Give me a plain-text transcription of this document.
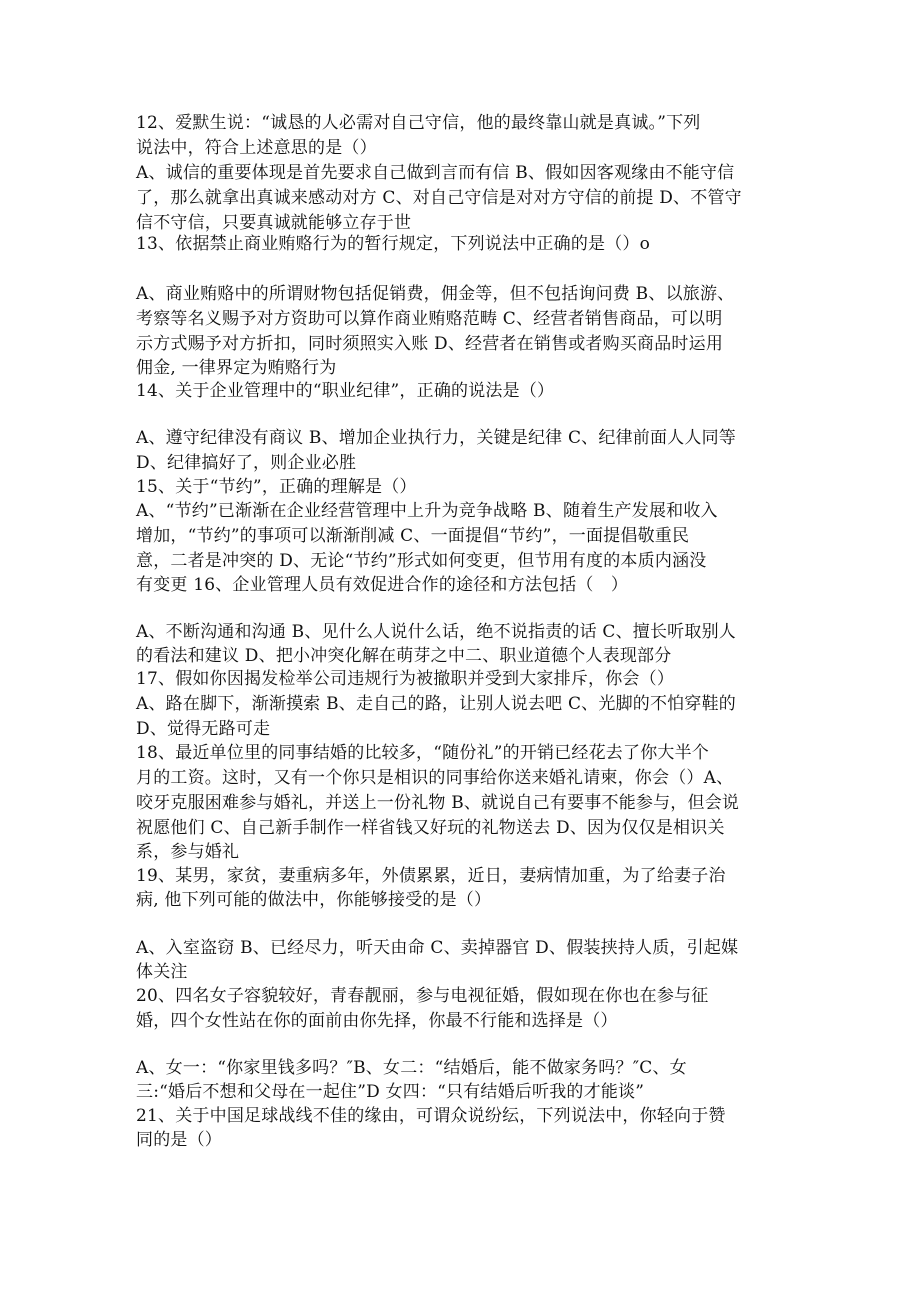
12、爱默生说：“诚恳的人必需对自己守信，他的最终靠山就是真诚。”下列
说法中，符合上述意思的是（）
A、诚信的重要体现是首先要求自己做到言而有信 B、假如因客观缘由不能守信
了，那么就拿出真诚来感动对方 C、对自己守信是对对方守信的前提 D、不管守
信不守信，只要真诚就能够立存于世
13、依据禁止商业贿赂行为的暂行规定，下列说法中正确的是（）o
A、商业贿赂中的所谓财物包括促销费，佣金等，但不包括询问费 B、以旅游、
考察等名义赐予对方资助可以算作商业贿赂范畴 C、经营者销售商品，可以明
示方式赐予对方折扣，同时须照实入账 D、经营者在销售或者购买商品时运用
佣金, 一律界定为贿赂行为
14、关于企业管理中的“职业纪律”，正确的说法是（）
A、遵守纪律没有商议 B、增加企业执行力，关键是纪律 C、纪律前面人人同等
D、纪律搞好了，则企业必胜
15、关于“节约”，正确的理解是（）
A、“节约”已渐渐在企业经营管理中上升为竞争战略 B、随着生产发展和收入
增加，“节约”的事项可以渐渐削减 C、一面提倡“节约”，一面提倡敬重民
意，二者是冲突的 D、无论“节约”形式如何变更，但节用有度的本质内涵没
有变更 16、企业管理人员有效促进合作的途径和方法包括（　）
A、不断沟通和沟通 B、见什么人说什么话，绝不说指责的话 C、擅长听取别人
的看法和建议 D、把小冲突化解在萌芽之中二、职业道德个人表现部分
17、假如你因揭发检举公司违规行为被撤职并受到大家排斥，你会（）
A、路在脚下，渐渐摸索 B、走自己的路，让别人说去吧 C、光脚的不怕穿鞋的
D、觉得无路可走
18、最近单位里的同事结婚的比较多，“随份礼”的开销已经花去了你大半个
月的工资。这时，又有一个你只是相识的同事给你送来婚礼请柬，你会（）A、
咬牙克服困难参与婚礼，并送上一份礼物 B、就说自己有要事不能参与，但会说
祝愿他们 C、自己新手制作一样省钱又好玩的礼物送去 D、因为仅仅是相识关
系，参与婚礼
19、某男，家贫，妻重病多年，外债累累，近日，妻病情加重，为了给妻子治
病, 他下列可能的做法中，你能够接受的是（）
A、入室盗窃 B、已经尽力，听天由命 C、卖掉器官 D、假装挟持人质，引起媒
体关注
20、四名女子容貌较好，青春靓丽，参与电视征婚，假如现在你也在参与征
婚，四个女性站在你的面前由你先择，你最不行能和选择是（）
A、女一：“你家里钱多吗？″B、女二：“结婚后，能不做家务吗？″C、女
三:“婚后不想和父母在一起住”D 女四：“只有结婚后听我的才能谈”
21、关于中国足球战线不佳的缘由，可谓众说纷纭，下列说法中，你轻向于赞
同的是（）
